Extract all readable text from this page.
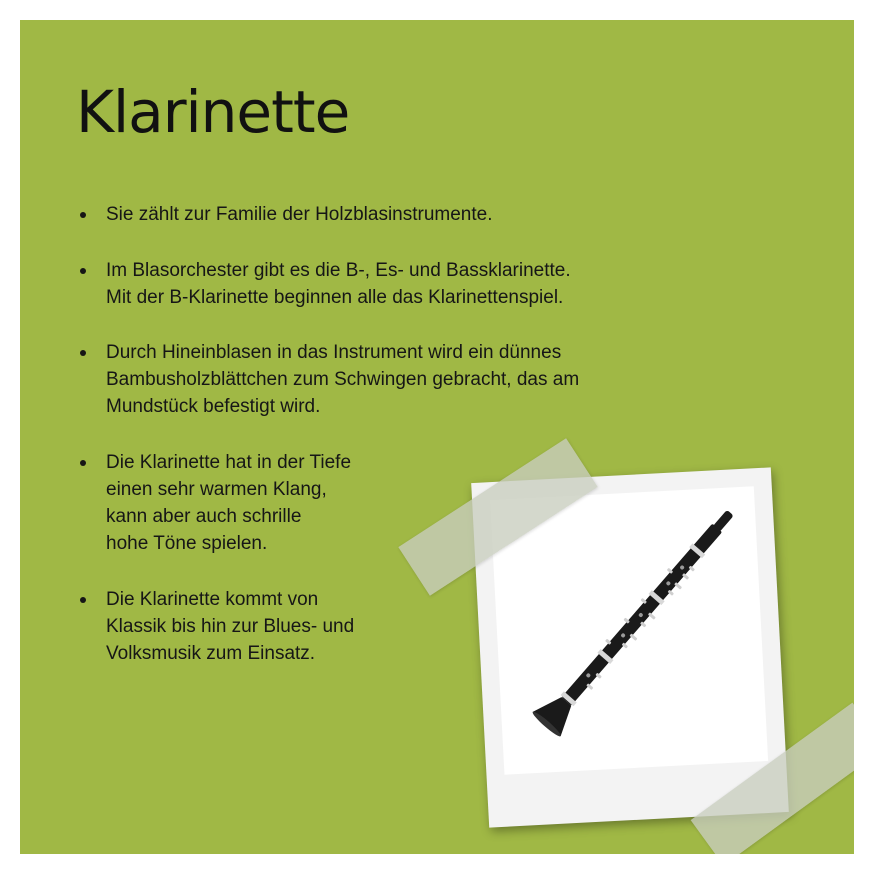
Klarinette
Sie zählt zur Familie der Holzblasinstrumente.
Im Blasorchester gibt es die B-, Es- und Bassklarinette.
Mit der B-Klarinette beginnen alle das Klarinettenspiel.
Durch Hineinblasen in das Instrument wird ein dünnes
Bambusholzblättchen zum Schwingen gebracht, das am
Mundstück befestigt wird.
Die Klarinette hat in der Tiefe
einen sehr warmen Klang,
kann aber auch schrille
hohe Töne spielen.
Die Klarinette kommt von
Klassik bis hin zur Blues- und
Volksmusik zum Einsatz.
